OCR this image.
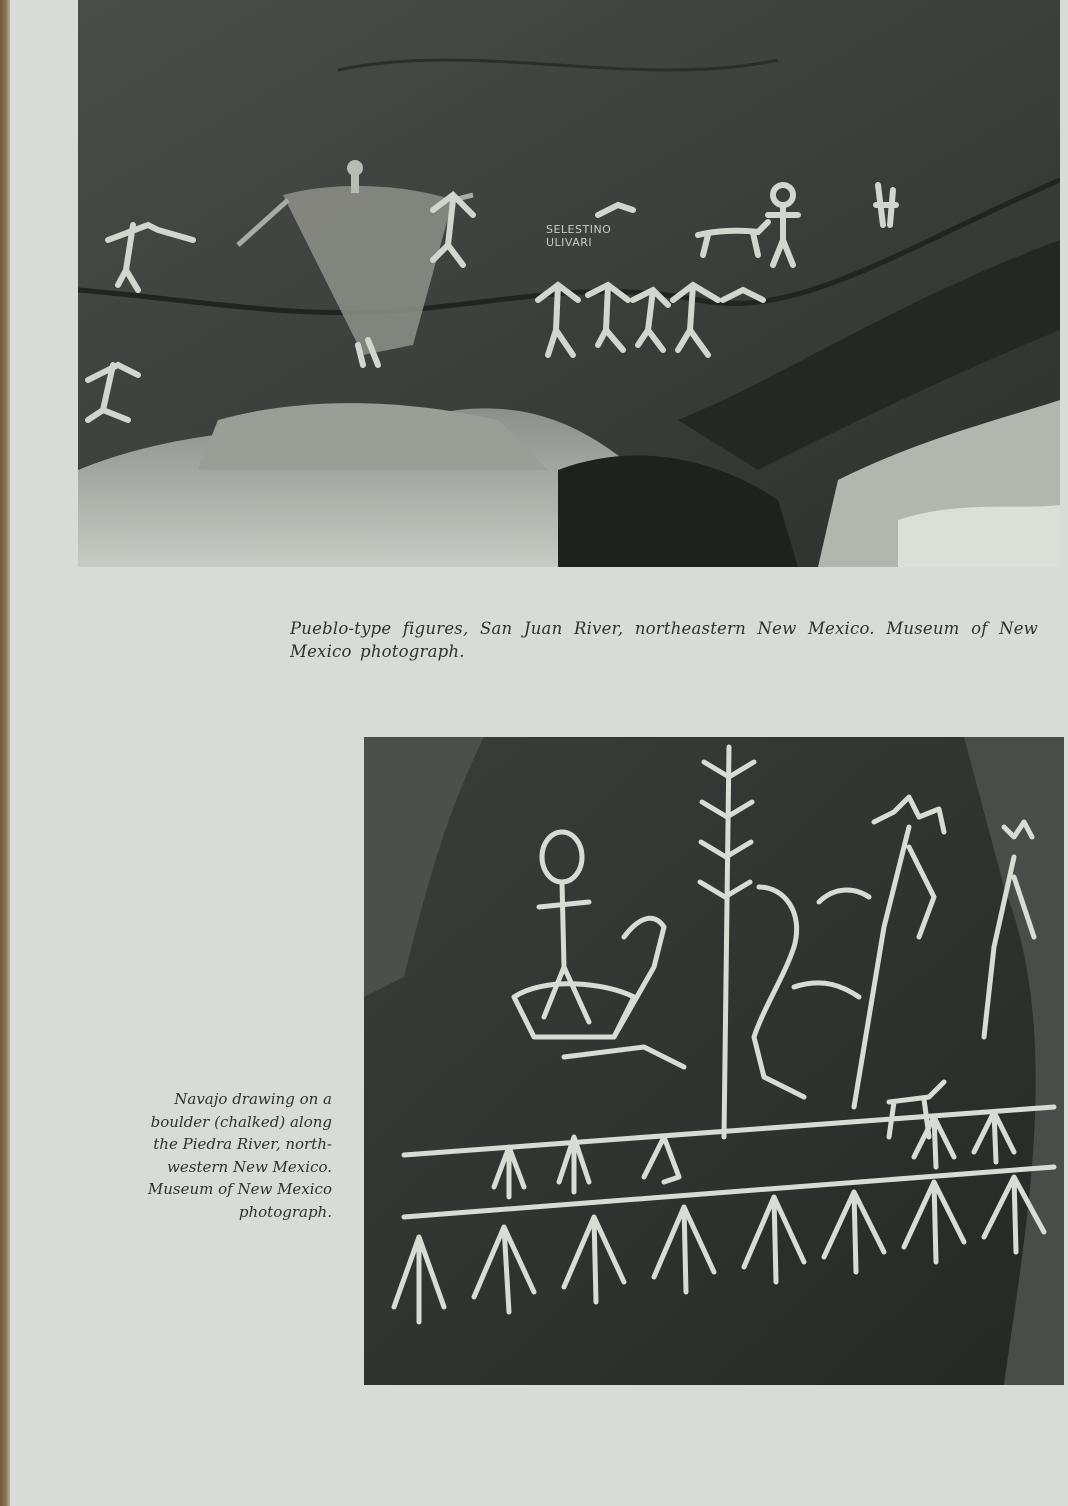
SELESTINO
ULIVARI

Pueblo-type figures, San Juan River, northeastern New Mexico. Museum of New Mexico photograph.

Navajo drawing on a
boulder (chalked) along
the Piedra River, north-
western New Mexico.
Museum of New Mexico
photograph.
